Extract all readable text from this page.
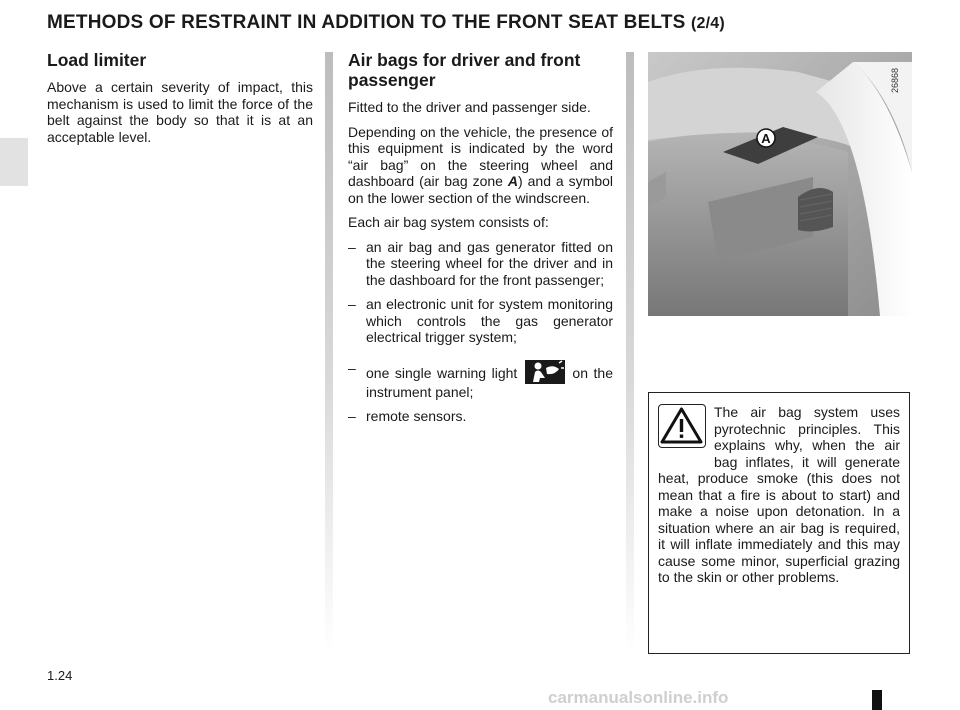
METHODS OF RESTRAINT IN ADDITION TO THE FRONT SEAT BELTS (2/4)
Load limiter

Above a certain severity of impact, this mechanism is used to limit the force of the belt against the body so that it is at an acceptable level.

Air bags for driver and front passenger

Fitted to the driver and passenger side.

Depending on the vehicle, the presence of this equipment is indicated by the word “air bag” on the steering wheel and dashboard (air bag zone A) and a symbol on the lower section of the windscreen.

Each air bag system consists of:

– an air bag and gas generator fitted on the steering wheel for the driver and in the dashboard for the front passenger;
– an electronic unit for system monitoring which controls the gas generator electrical trigger system;
– one single warning light	on the instrument panel;
– remote sensors.
A
26868
The air bag system uses pyrotechnic principles. This explains why, when the air bag inflates, it will generate heat, produce smoke (this does not mean that a fire is about to start) and make a noise upon detonation. In a situation where an air bag is required, it will inflate immediately and this may cause some minor, superficial grazing to the skin or other problems.
1.24
carmanualsonline.info
